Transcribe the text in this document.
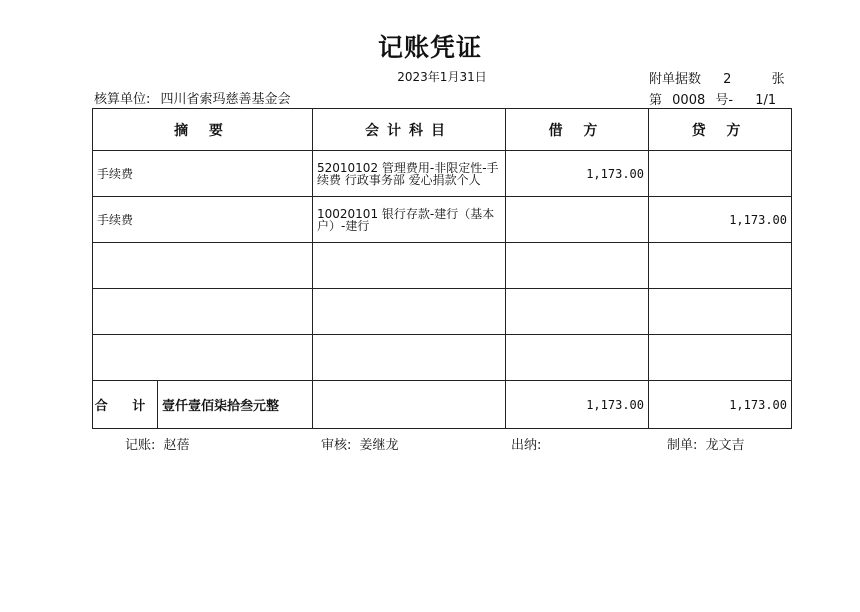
记账凭证
2023年1月31日
核算单位: 四川省索玛慈善基金会
附单据数 2	张
第 0008 号- 1/1
摘 要	会计科目	借 方	贷 方
手续费	52010102 管理费用-非限定性-手续费 行政事务部 爱心捐款个人	1,173.00	
手续费	10020101 银行存款-建行（基本户）-建行		1,173.00

合 计 壹仟壹佰柒拾叁元整		1,173.00	1,173.00
记账: 赵蓓	审核: 姜继龙	出纳:	制单: 龙文吉
